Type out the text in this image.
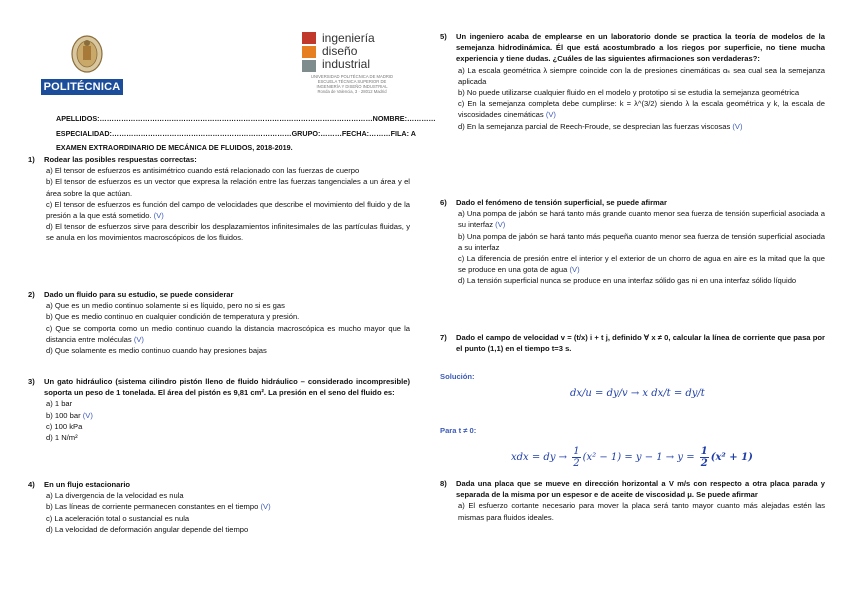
POLITÉCNICA
ingeniería
diseño
industrial
UNIVERSIDAD POLITÉCNICA DE MADRID
ESCUELA TÉCNICA SUPERIOR DE
INGENIERÍA Y DISEÑO INDUSTRIAL
Ronda de Valencia, 3 · 28012 Madrid
APELLIDOS:……………………………………………………………………………………………………NOMBRE:…………
ESPECIALIDAD:…………………………………………………………………GRUPO:………FECHA:………FILA: A
EXAMEN EXTRAORDINARIO DE MECÁNICA DE FLUIDOS, 2018-2019.
1) Rodear las posibles respuestas correctas:
a) El tensor de esfuerzos es antisimétrico cuando está relacionado con las fuerzas de cuerpo
b) El tensor de esfuerzos es un vector que expresa la relación entre las fuerzas tangenciales a un área y el área sobre la que actúan.
c) El tensor de esfuerzos es función del campo de velocidades que describe el movimiento del fluido y de la presión a la que está sometido. (V)
d) El tensor de esfuerzos sirve para describir los desplazamientos infinitesimales de las partículas fluidas, y se anula en los movimientos macroscópicos de los fluidos.
2) Dado un fluido para su estudio, se puede considerar
a) Que es un medio continuo solamente si es líquido, pero no si es gas
b) Que es medio continuo en cualquier condición de temperatura y presión.
c) Que se comporta como un medio continuo cuando la distancia macroscópica es mucho mayor que la distancia entre moléculas (V)
d) Que solamente es medio continuo cuando hay presiones bajas
3) Un gato hidráulico (sistema cilindro pistón lleno de fluido hidráulico – considerado incompresible) soporta un peso de 1 tonelada. El área del pistón es 9,81 cm². La presión en el seno del fluido es:
a) 1 bar
b) 100 bar (V)
c) 100 kPa
d) 1 N/m²
4) En un flujo estacionario
a) La divergencia de la velocidad es nula
b) Las líneas de corriente permanecen constantes en el tiempo (V)
c) La aceleración total o sustancial es nula
d) La velocidad de deformación angular depende del tiempo
5) Un ingeniero acaba de emplearse en un laboratorio donde se practica la teoría de modelos de la semejanza hidrodinámica. Él que está acostumbrado a los riegos por superficie, no tiene mucha experiencia y tiene dudas. ¿Cuáles de las siguientes afirmaciones son verdaderas?:
a) La escala geométrica λ siempre coincide con la de presiones cinemáticas αₖ sea cual sea la semejanza aplicada
b) No puede utilizarse cualquier fluido en el modelo y prototipo si se estudia la semejanza geométrica
c) En la semejanza completa debe cumplirse: k = λ^(3/2) siendo λ la escala geométrica y k, la escala de viscosidades cinemáticas (V)
d) En la semejanza parcial de Reech-Froude, se desprecian las fuerzas viscosas (V)
6) Dado el fenómeno de tensión superficial, se puede afirmar
a) Una pompa de jabón se hará tanto más grande cuanto menor sea fuerza de tensión superficial asociada a su interfaz (V)
b) Una pompa de jabón se hará tanto más pequeña cuanto menor sea fuerza de tensión superficial asociada a su interfaz
c) La diferencia de presión entre el interior y el exterior de un chorro de agua en aire es la mitad que la que se produce en una gota de agua (V)
d) La tensión superficial nunca se produce en una interfaz sólido gas ni en una interfaz sólido líquido
7) Dado el campo de velocidad v = (t/x) i + t j, definido ∀ x ≠ 0, calcular la línea de corriente que pasa por el punto (1,1) en el tiempo t=3 s.
Solución:
dx/u = dy/v → x dx/t = dy/t
Para t ≠ 0:
xdx = dy → $\frac{1}{2} (x^2 - 1) = y - 1 \to y = \frac{1}{2} (x^2 + 1)$
8) Dada una placa que se mueve en dirección horizontal a V m/s con respecto a otra placa parada y separada de la misma por un espesor e de aceite de viscosidad μ. Se puede afirmar
a) El esfuerzo cortante necesario para mover la placa será tanto mayor cuanto más alejadas estén las mismas para fluidos ideales.
